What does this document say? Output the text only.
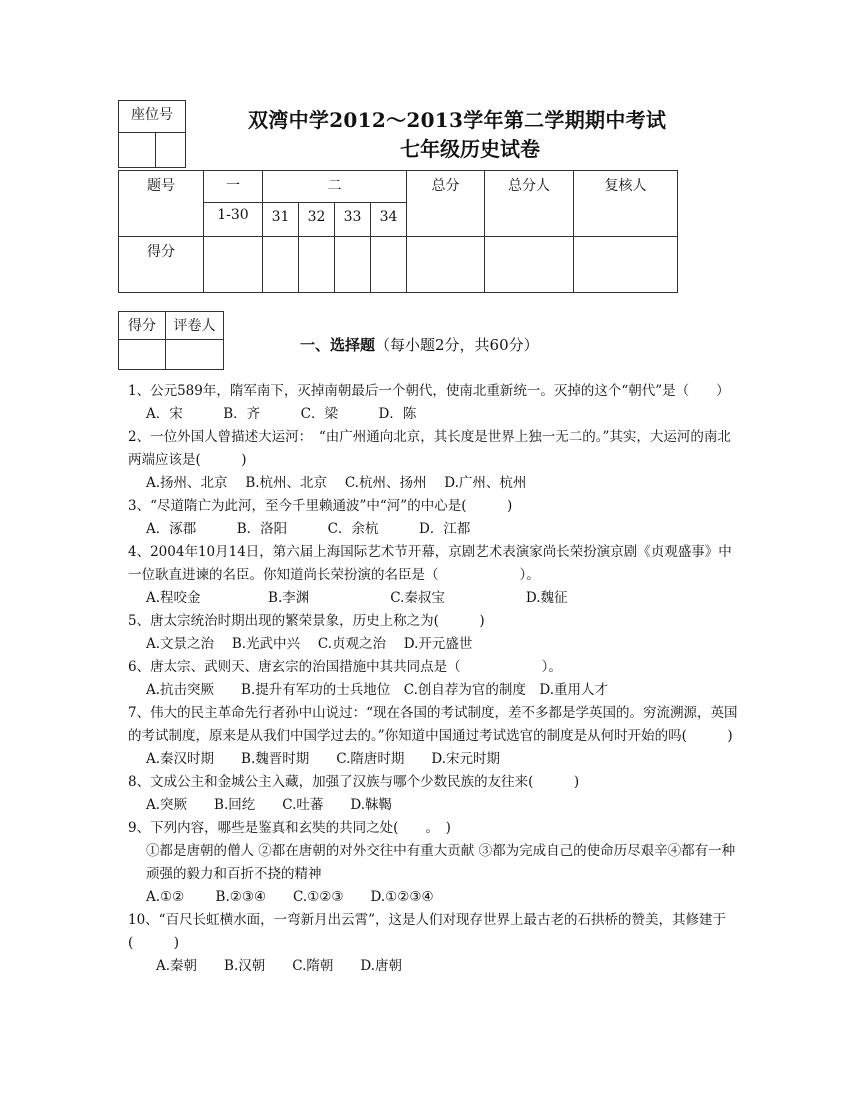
座位号
		双湾中学2012～2013学年第二学期期中考试
七年级历史试卷
题号	一	二				总分	总分人	复核人
	1-30	31	32	33	34			
得分								
得分	评卷人

一、选择题（每小题2分，共60分）

1、公元589年，隋军南下，灭掉南朝最后一个朝代，使南北重新统一。灭掉的这个“朝代”是（　　）

A．宋　　　B．齐　　　C．梁　　　D．陈

2、一位外国人曾描述大运河：　“由广州通向北京，其长度是世界上独一无二的。”其实，大运河的南北两端应该是(　　　)

A.扬州、北京　 B.杭州、北京　 C.杭州、扬州　 D.广州、杭州

3、“尽道隋亡为此河，至今千里赖通波”中“河”的中心是(　　　)

A．涿郡　　　B．洛阳　　　C．余杭　　　D．江都

4、2004年10月14日，第六届上海国际艺术节开幕，京剧艺术表演家尚长荣扮演京剧《贞观盛事》中一位耿直进谏的名臣。你知道尚长荣扮演的名臣是（　　　　　　）。

A.程咬金　　　　　B.李渊　　　　　　C.秦叔宝　　　　　　D.魏征

5、唐太宗统治时期出现的繁荣景象，历史上称之为(　　　)

A.文景之治　 B.光武中兴　 C.贞观之治　 D.开元盛世

6、唐太宗、武则天、唐玄宗的治国措施中其共同点是（　　　　　　）。

A.抗击突厥　　B.提升有军功的士兵地位　C.创自荐为官的制度　D.重用人才

7、伟大的民主革命先行者孙中山说过：“现在各国的考试制度，差不多都是学英国的。穷流溯源，英国的考试制度，原来是从我们中国学过去的。”你知道中国通过考试选官的制度是从何时开始的吗(　　　)

A.秦汉时期　　B.魏晋时期　　C.隋唐时期　　D.宋元时期

8、文成公主和金城公主入藏，加强了汉族与哪个少数民族的友往来(　　　)

A.突厥　　B.回纥　　C.吐蕃　　D.靺鞨

9、下列内容，哪些是鉴真和玄奘的共同之处(　　。　)

①都是唐朝的僧人 ②都在唐朝的对外交往中有重大贡献 ③都为完成自己的使命历尽艰辛④都有一种顽强的毅力和百折不挠的精神

A.①②　　 B.②③④　　C.①②③　　D.①②③④

10、“百尺长虹横水面，一弯新月出云霄”，这是人们对现存世界上最古老的石拱桥的赞美，其修建于(　　　)

A.秦朝　　B.汉朝　　C.隋朝　　D.唐朝
